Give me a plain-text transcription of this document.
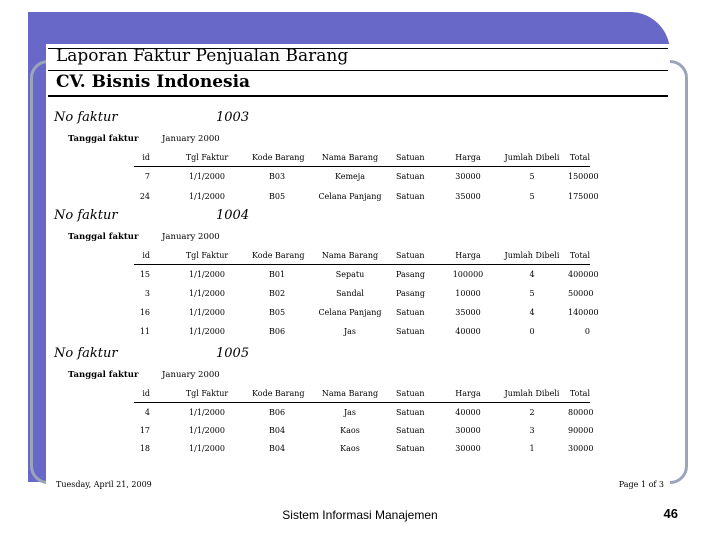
Laporan Faktur Penjualan Barang
CV. Bisnis Indonesia
No faktur	1003
Tanggal faktur	January 2000
id	Tgl Faktur	Kode Barang	Nama Barang	Satuan	Harga	Jumlah Dibeli	Total
7	1/1/2000	B03	Kemeja	Satuan	30000	5	150000
24	1/1/2000	B05	Celana Panjang	Satuan	35000	5	175000
No faktur	1004
Tanggal faktur	January 2000
id	Tgl Faktur	Kode Barang	Nama Barang	Satuan	Harga	Jumlah Dibeli	Total
15	1/1/2000	B01	Sepatu	Pasang	100000	4	400000
3	1/1/2000	B02	Sandal	Pasang	10000	5	50000
16	1/1/2000	B05	Celana Panjang	Satuan	35000	4	140000
11	1/1/2000	B06	Jas	Satuan	40000	0	0
No faktur	1005
Tanggal faktur	January 2000
id	Tgl Faktur	Kode Barang	Nama Barang	Satuan	Harga	Jumlah Dibeli	Total
4	1/1/2000	B06	Jas	Satuan	40000	2	80000
17	1/1/2000	B04	Kaos	Satuan	30000	3	90000
18	1/1/2000	B04	Kaos	Satuan	30000	1	30000
Tuesday, April 21, 2009	Page 1 of 3
Sistem Informasi Manajemen	46
